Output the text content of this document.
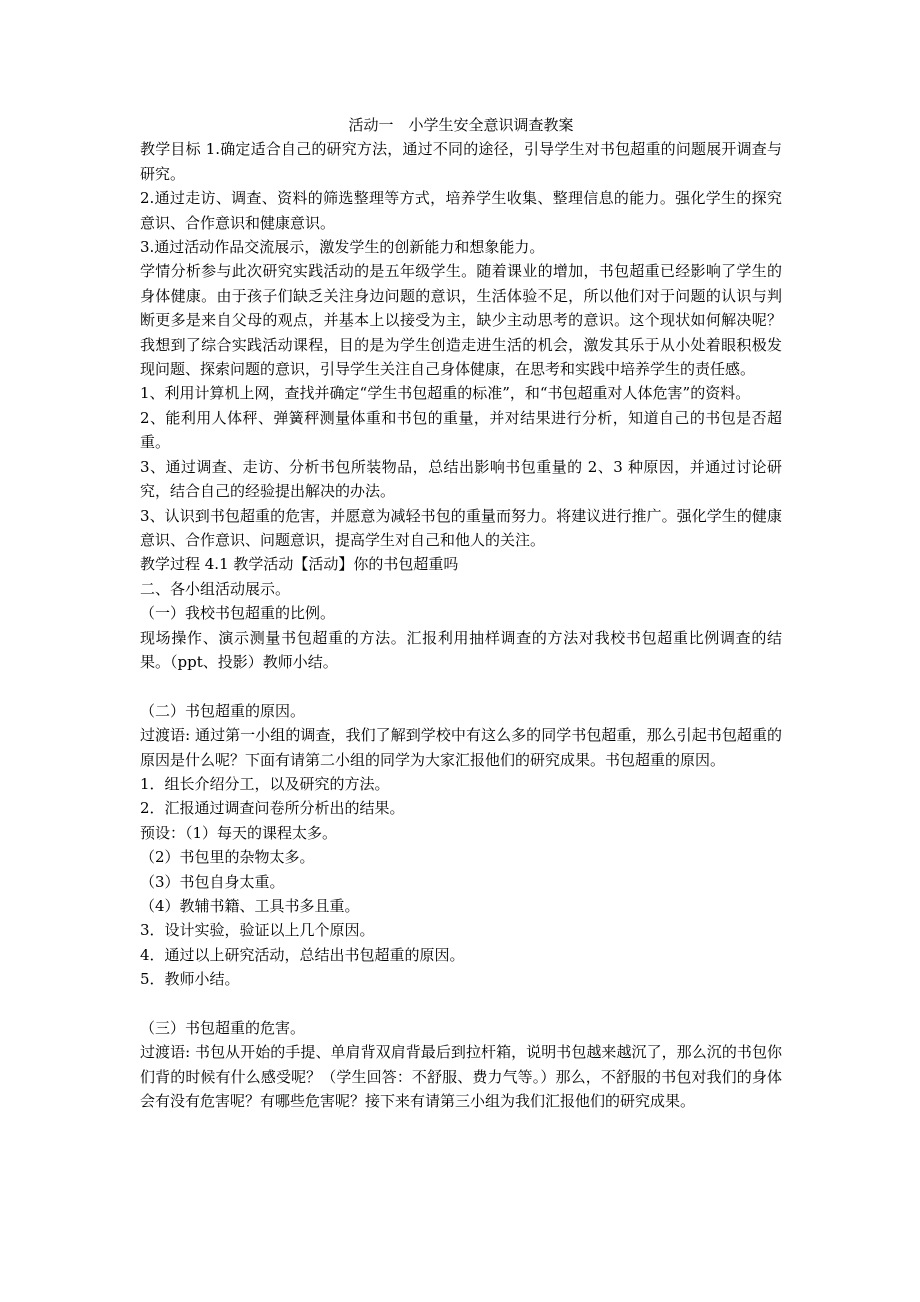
活动一　小学生安全意识调查教案

教学目标 1.确定适合自己的研究方法，通过不同的途径，引导学生对书包超重的问题展开调查与研究。

2.通过走访、调查、资料的筛选整理等方式，培养学生收集、整理信息的能力。强化学生的探究意识、合作意识和健康意识。

3.通过活动作品交流展示，激发学生的创新能力和想象能力。

学情分析参与此次研究实践活动的是五年级学生。随着课业的增加，书包超重已经影响了学生的身体健康。由于孩子们缺乏关注身边问题的意识，生活体验不足，所以他们对于问题的认识与判断更多是来自父母的观点，并基本上以接受为主，缺少主动思考的意识。这个现状如何解决呢？我想到了综合实践活动课程，目的是为学生创造走进生活的机会，激发其乐于从小处着眼积极发现问题、探索问题的意识，引导学生关注自己身体健康，在思考和实践中培养学生的责任感。

1、利用计算机上网，查找并确定“学生书包超重的标准”，和“书包超重对人体危害”的资料。

2、能利用人体秤、弹簧秤测量体重和书包的重量，并对结果进行分析，知道自己的书包是否超重。

3、通过调查、走访、分析书包所装物品，总结出影响书包重量的 2、3 种原因，并通过讨论研究，结合自己的经验提出解决的办法。

3、认识到书包超重的危害，并愿意为减轻书包的重量而努力。将建议进行推广。强化学生的健康意识、合作意识、问题意识，提高学生对自己和他人的关注。

教学过程 4.1 教学活动【活动】你的书包超重吗

二、各小组活动展示。

（一）我校书包超重的比例。

现场操作、演示测量书包超重的方法。汇报利用抽样调查的方法对我校书包超重比例调查的结果。（ppt、投影）教师小结。

（二）书包超重的原因。

过渡语: 通过第一小组的调查，我们了解到学校中有这么多的同学书包超重，那么引起书包超重的原因是什么呢？下面有请第二小组的同学为大家汇报他们的研究成果。书包超重的原因。

1．组长介绍分工，以及研究的方法。

2．汇报通过调查问卷所分析出的结果。

预设：（1）每天的课程太多。

（2）书包里的杂物太多。

（3）书包自身太重。

（4）教辅书籍、工具书多且重。

3．设计实验，验证以上几个原因。

4．通过以上研究活动，总结出书包超重的原因。

5．教师小结。

（三）书包超重的危害。

过渡语: 书包从开始的手提、单肩背双肩背最后到拉杆箱，说明书包越来越沉了，那么沉的书包你们背的时候有什么感受呢？（学生回答：不舒服、费力气等。）那么，不舒服的书包对我们的身体会有没有危害呢？有哪些危害呢？接下来有请第三小组为我们汇报他们的研究成果。
